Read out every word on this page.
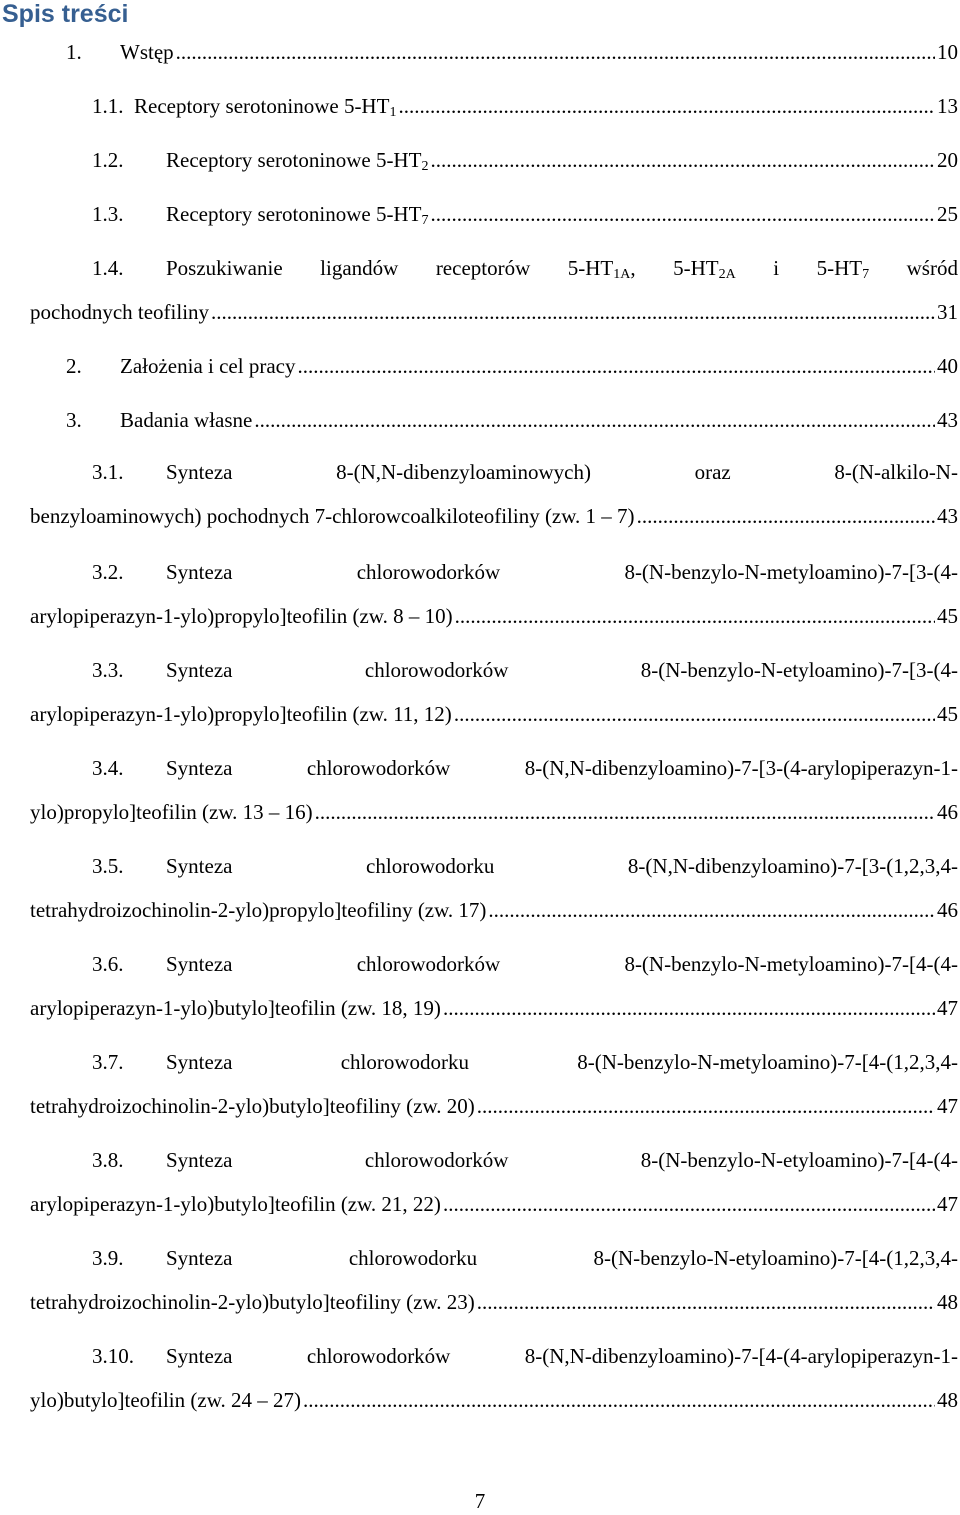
Spis treści
1.	Wstęp .....	10
1.1. Receptory serotoninowe $5-HT_1$ .....	13
1.2.	Receptory serotoninowe $5-HT_2$ .....	20
1.3.	Receptory serotoninowe $5-HT_7$ .....	25
1.4.	Poszukiwanie ligandów receptorów $5-HT_{1A}$, $5-HT_{2A}$ i $5-HT_7$ wśród
pochodnych teofiliny .....	31
2.	Założenia i cel pracy .....	40
3.	Badania własne .....	43
3.1.	Synteza	8-(N,N-dibenzyloaminowych)	oraz	8-(N-alkilo-N-
benzyloaminowych) pochodnych 7-chlorowcoalkiloteofiliny (zw. 1 – 7) .....	43
3.2.	Synteza	chlorowodorków	8-(N-benzylo-N-metyloamino)-7-[3-(4-
arylopiperazyn-1-ylo)propylo]teofilin (zw. 8 – 10) .....	45
3.3.	Synteza	chlorowodorków	8-(N-benzylo-N-etyloamino)-7-[3-(4-
arylopiperazyn-1-ylo)propylo]teofilin (zw. 11, 12) .....	45
3.4.	Synteza	chlorowodorków	8-(N,N-dibenzyloamino)-7-[3-(4-arylopiperazyn-1-
ylo)propylo]teofilin (zw. 13 – 16) .....	46
3.5.	Synteza	chlorowodorku	8-(N,N-dibenzyloamino)-7-[3-(1,2,3,4-
tetrahydroizochinolin-2-ylo)propylo]teofiliny (zw. 17) .....	46
3.6.	Synteza	chlorowodorków	8-(N-benzylo-N-metyloamino)-7-[4-(4-
arylopiperazyn-1-ylo)butylo]teofilin (zw. 18, 19) .....	47
3.7.	Synteza	chlorowodorku	8-(N-benzylo-N-metyloamino)-7-[4-(1,2,3,4-
tetrahydroizochinolin-2-ylo)butylo]teofiliny (zw. 20) .....	47
3.8.	Synteza	chlorowodorków	8-(N-benzylo-N-etyloamino)-7-[4-(4-
arylopiperazyn-1-ylo)butylo]teofilin (zw. 21, 22) .....	47
3.9.	Synteza	chlorowodorku	8-(N-benzylo-N-etyloamino)-7-[4-(1,2,3,4-
tetrahydroizochinolin-2-ylo)butylo]teofiliny (zw. 23) .....	48
3.10.	Synteza	chlorowodorków	8-(N,N-dibenzyloamino)-7-[4-(4-arylopiperazyn-1-
ylo)butylo]teofilin (zw. 24 – 27) .....	48
7
